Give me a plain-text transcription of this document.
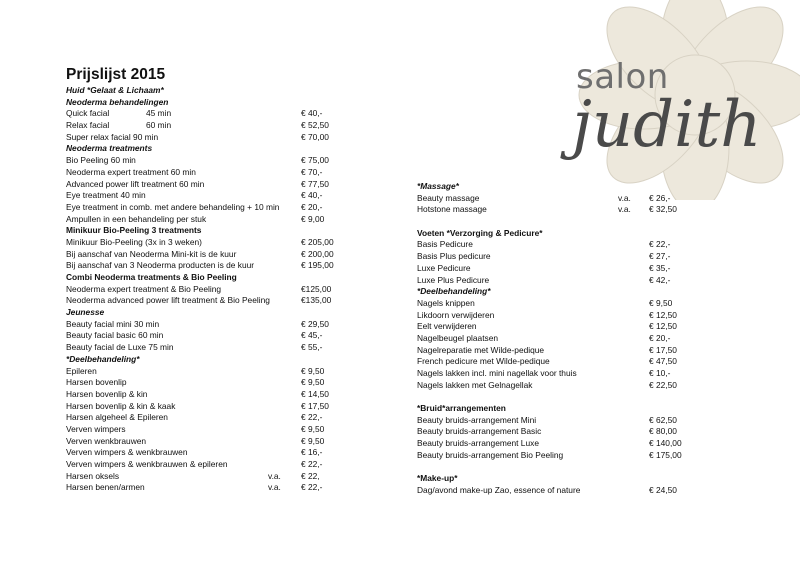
salon
judith
Prijslijst 2015
Huid *Gelaat & Lichaam*
Neoderma behandelingen
Quick facial	45 min	€ 40,-
Relax facial	60 min	€ 52,50
Super relax facial 90 min	€ 70,00
Neoderma treatments
Bio Peeling 60 min	€ 75,00
Neoderma expert treatment 60 min	€ 70,-
Advanced power lift treatment 60 min	€ 77,50
Eye treatment 40 min	€ 40,-
Eye treatment in comb. met andere behandeling + 10 min	€ 20,-
Ampullen in een behandeling per stuk	€ 9,00
Minikuur Bio-Peeling 3 treatments
Minikuur Bio-Peeling (3x in 3 weken)	€ 205,00
Bij aanschaf van Neoderma Mini-kit is de kuur	€ 200,00
Bij aanschaf van 3 Neoderma producten is de kuur	€ 195,00
Combi Neoderma treatments & Bio Peeling
Neoderma expert treatment & Bio Peeling	€125,00
Neoderma advanced power lift treatment & Bio Peeling	€135,00
Jeunesse
Beauty facial mini 30 min	€ 29,50
Beauty facial basic 60 min	€ 45,-
Beauty facial de Luxe 75 min	€ 55,-
*Deelbehandeling*
Epileren	€ 9,50
Harsen bovenlip	€ 9,50
Harsen bovenlip & kin	€ 14,50
Harsen bovenlip & kin & kaak	€ 17,50
Harsen algeheel & Epileren	€ 22,-
Verven wimpers	€ 9,50
Verven wenkbrauwen	€ 9,50
Verven wimpers & wenkbrauwen	€ 16,-
Verven wimpers & wenkbrauwen & epileren	€ 22,-
Harsen oksels	v.a. € 22,
Harsen benen/armen	v.a. € 22,-
*Massage*
Beauty massage	v.a. € 26,-
Hotstone massage	v.a. € 32,50
Voeten *Verzorging & Pedicure*
Basis Pedicure	€ 22,-
Basis Plus pedicure	€ 27,-
Luxe Pedicure	€ 35,-
Luxe Plus Pedicure	€ 42,-
*Deelbehandeling*
Nagels knippen	€ 9,50
Likdoorn verwijderen	€ 12,50
Eelt verwijderen	€ 12,50
Nagelbeugel plaatsen	€ 20,-
Nagelreparatie met Wilde-pedique	€ 17,50
French pedicure met Wilde-pedique	€ 47,50
Nagels lakken incl. mini nagellak voor thuis	€ 10,-
Nagels lakken met Gelnagellak	€ 22,50
*Bruid*arrangementen
Beauty bruids-arrangement Mini	€ 62,50
Beauty bruids-arrangement Basic	€ 80,00
Beauty bruids-arrangement Luxe	€ 140,00
Beauty bruids-arrangement Bio Peeling	€ 175,00
*Make-up*
Dag/avond make-up Zao, essence of nature	€ 24,50
